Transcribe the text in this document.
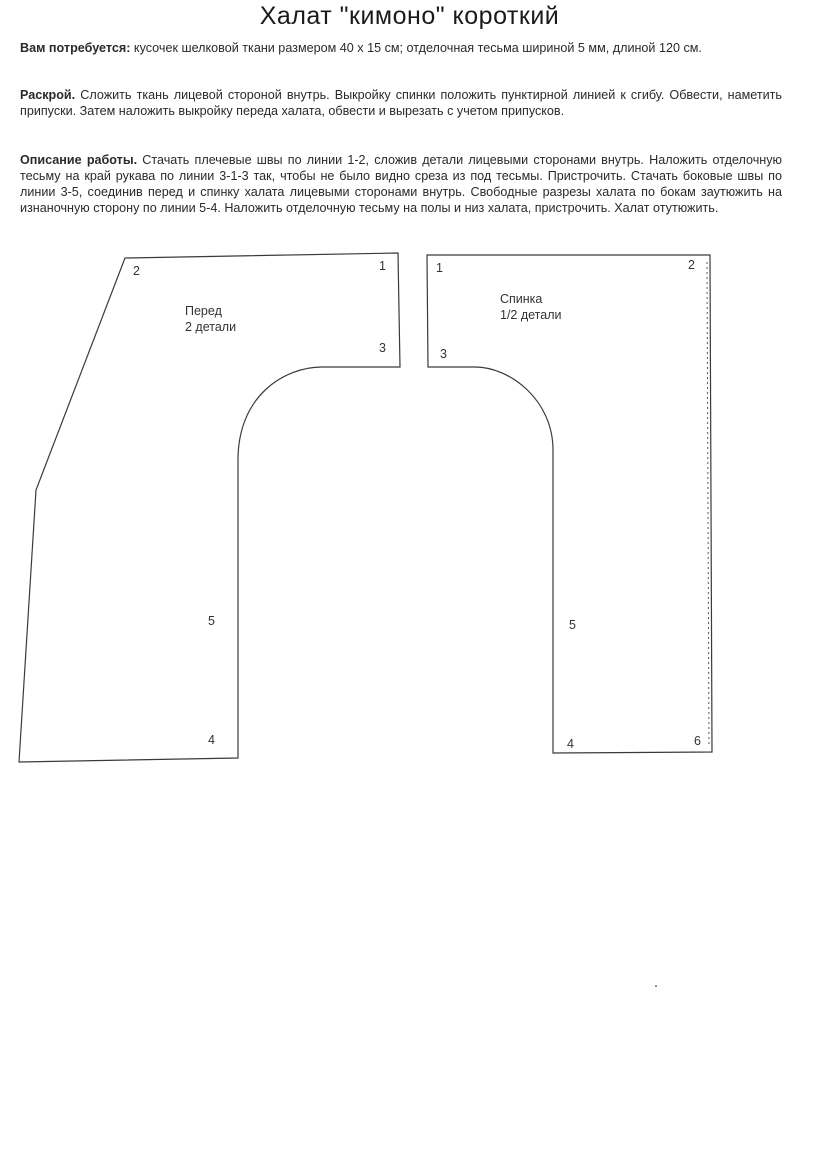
Халат "кимоно" короткий

Вам потребуется: кусочек шелковой ткани размером 40 х 15 см; отделочная тесьма шириной 5 мм, длиной 120 см.

Раскрой. Сложить ткань лицевой стороной внутрь. Выкройку спинки положить пунктирной линией к сгибу. Обвести, наметить припуски. Затем наложить выкройку переда халата, обвести и вырезать с учетом припусков.

Описание работы. Стачать плечевые швы по линии 1-2, сложив детали лицевыми сторонами внутрь. Наложить отделочную тесьму на край рукава по линии 3-1-3 так, чтобы не было видно среза из под тесьмы. Пристрочить. Стачать боковые швы по линии 3-5, соединив перед и спинку халата лицевыми сторонами внутрь. Свободные разрезы халата по бокам заутюжить на изнаночную сторону по линии 5-4. Наложить отделочную тесьму на полы и низ халата, пристрочить. Халат отутюжить.

2	1
3
5
4
Перед
2 детали
1	2
3
5
4	6
Спинка
1/2 детали
